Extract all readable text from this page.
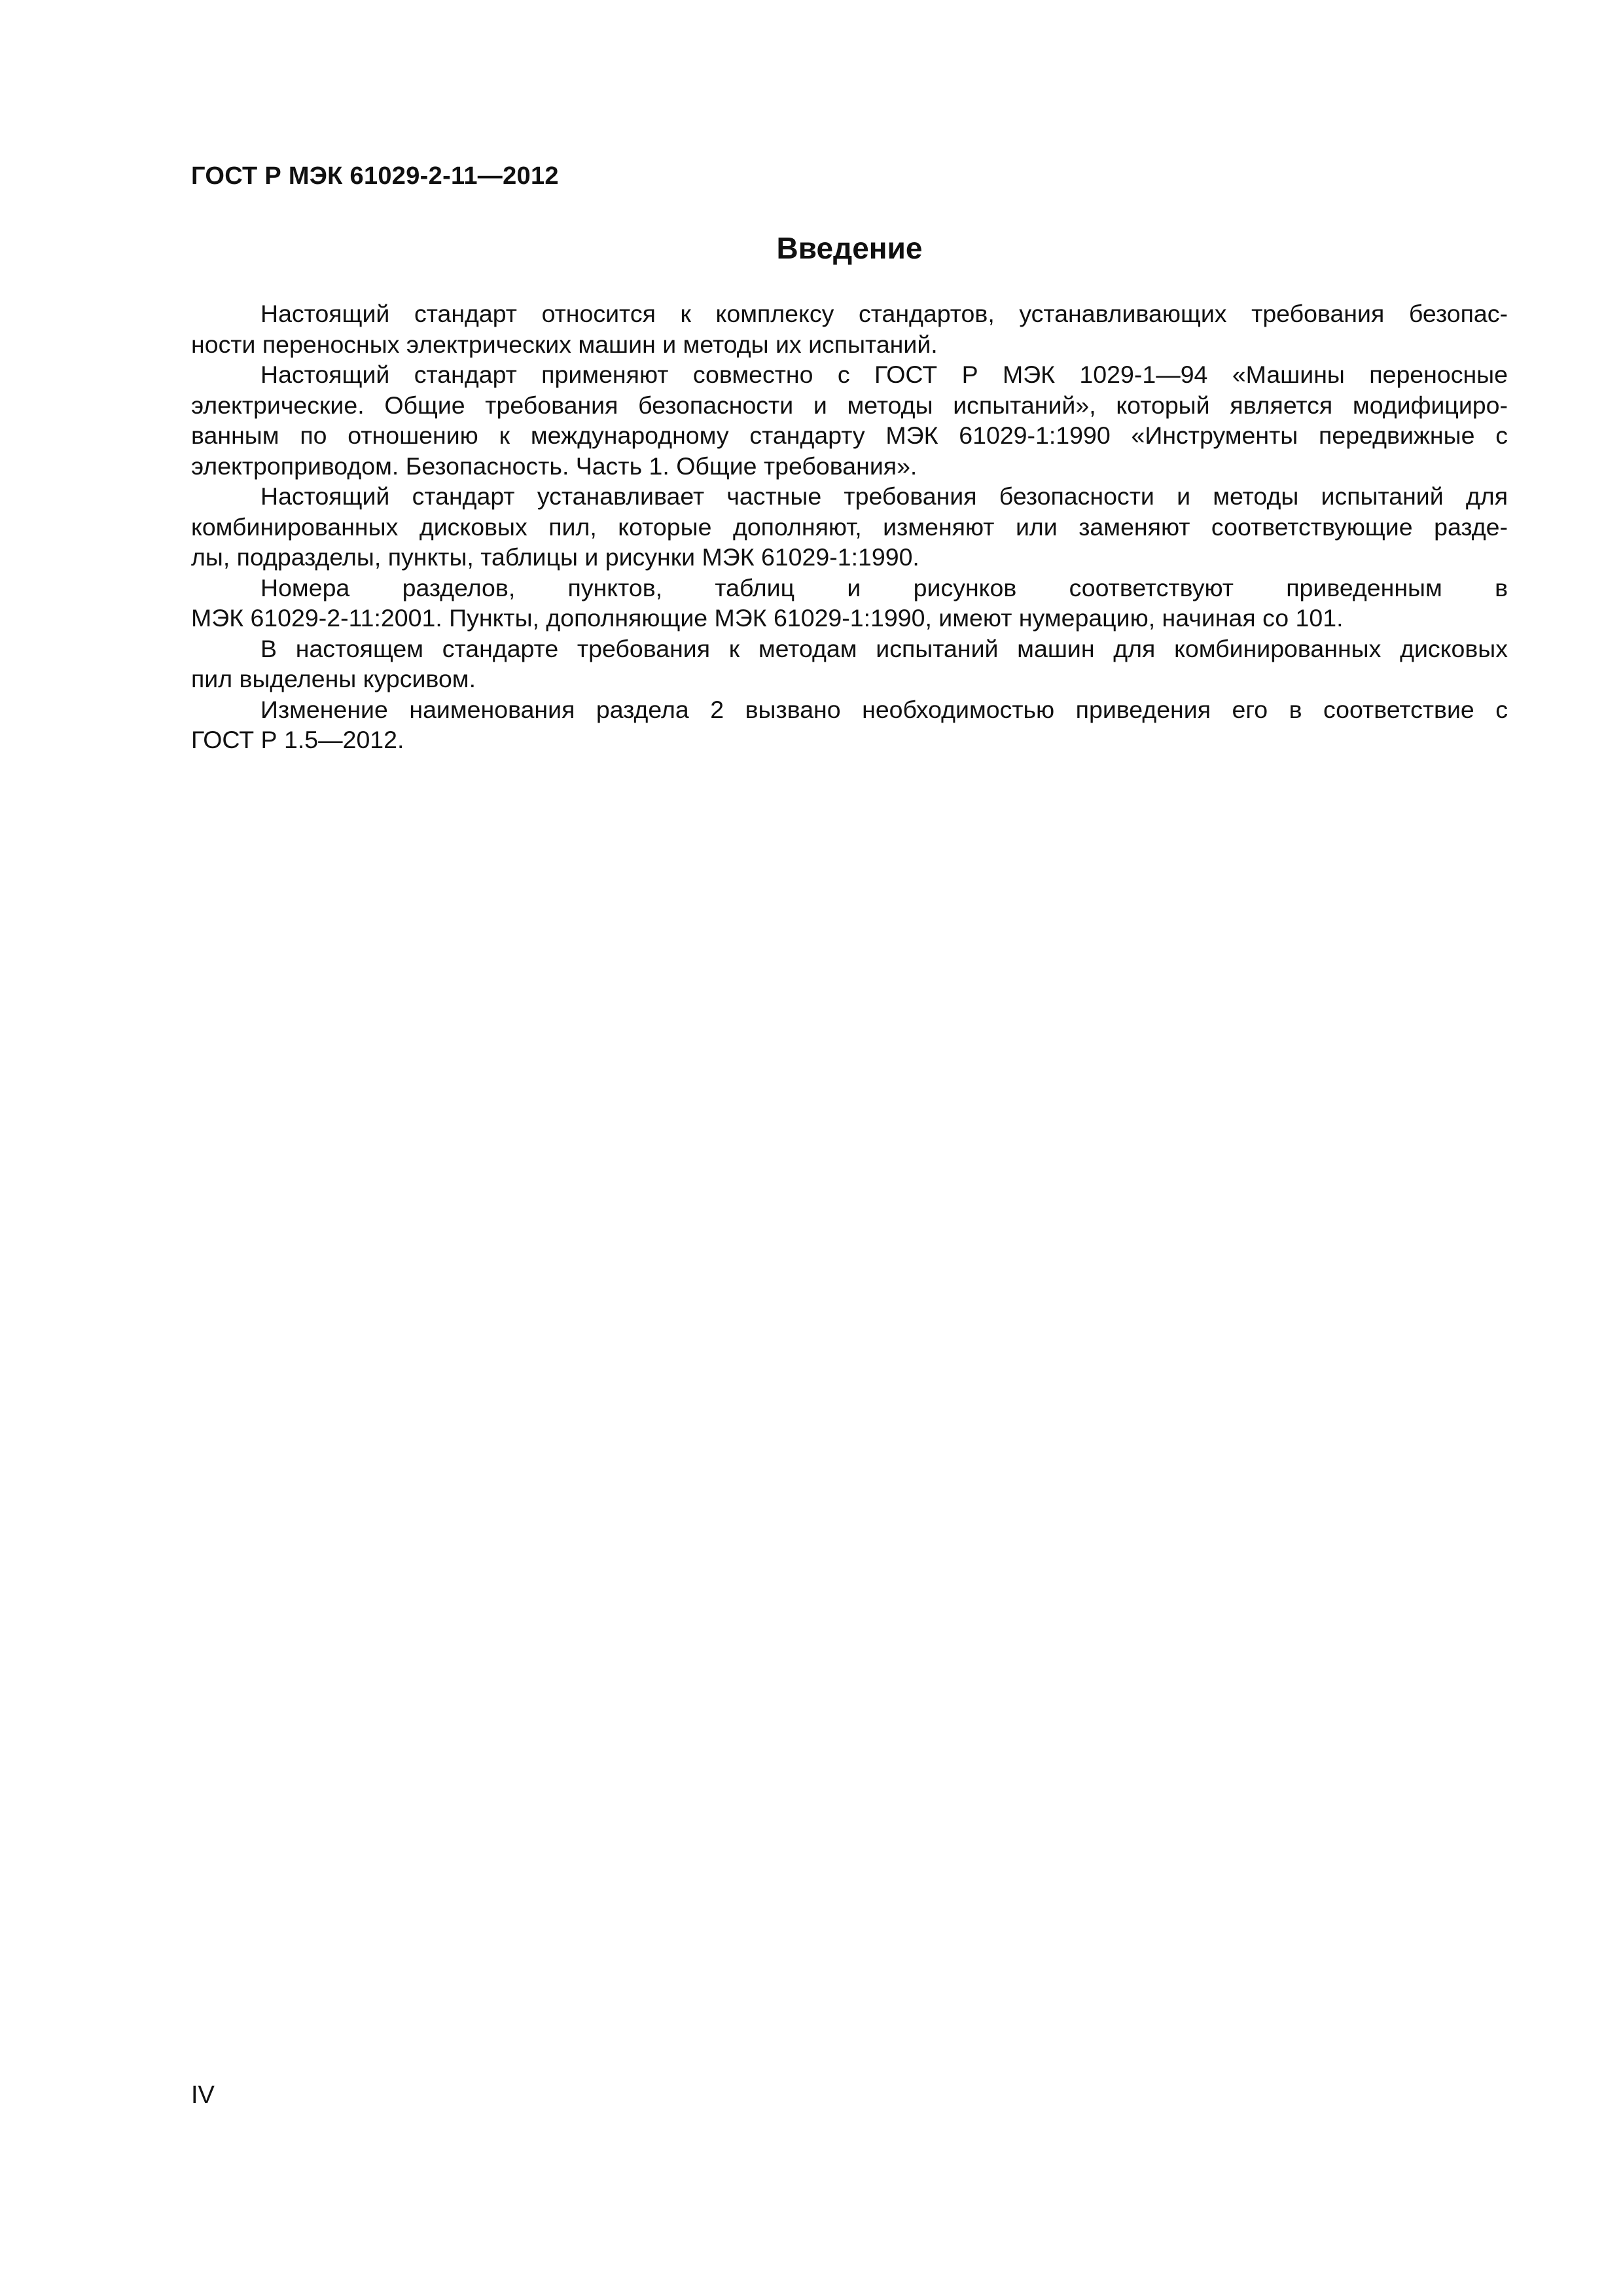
ГОСТ Р МЭК 61029-2-11—2012
Введение

Настоящий стандарт относится к комплексу стандартов, устанавливающих требования безопас-
ности переносных электрических машин и методы их испытаний.

Настоящий стандарт применяют совместно с ГОСТ Р МЭК 1029-1—94 «Машины переносные
электрические. Общие требования безопасности и методы испытаний», который является модифициро-
ванным по отношению к международному стандарту МЭК 61029-1:1990 «Инструменты передвижные с
электроприводом. Безопасность. Часть 1. Общие требования».

Настоящий стандарт устанавливает частные требования безопасности и методы испытаний для
комбинированных дисковых пил, которые дополняют, изменяют или заменяют соответствующие разде-
лы, подразделы, пункты, таблицы и рисунки МЭК 61029-1:1990.

Номера разделов, пунктов, таблиц и рисунков соответствуют приведенным в
МЭК 61029-2-11:2001. Пункты, дополняющие МЭК 61029-1:1990, имеют нумерацию, начиная со 101.

В настоящем стандарте требования к методам испытаний машин для комбинированных дисковых
пил выделены курсивом.

Изменение наименования раздела 2 вызвано необходимостью приведения его в соответствие с
ГОСТ Р 1.5—2012.

IV
